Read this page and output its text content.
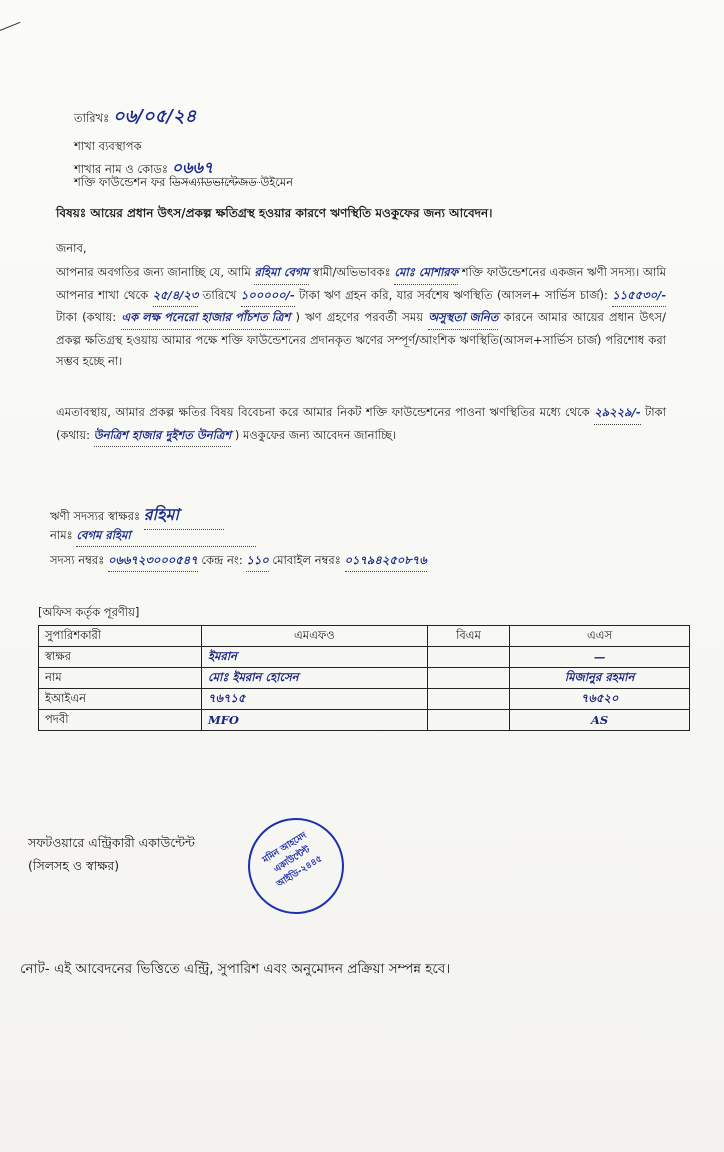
তারিখঃ ০৬/০৫/২৪
শাখা ব্যবস্থাপক
শাখার নাম ও কোডঃ ০৬৬৭
শক্তি ফাউন্ডেশন ফর ডিসএ্যাডভান্টেজড উইমেন
বিষয়ঃ আয়ের প্রধান উৎস/প্রকল্প ক্ষতিগ্রস্থ হওয়ার কারণে ঋণস্থিতি মওকুফের জন্য আবেদন।
জনাব,
আপনার অবগতির জন্য জানাচ্ছি যে, আমি রহিমা বেগম স্বামী/অভিভাবকঃ মোঃ মোশারফ শক্তি ফাউন্ডেশনের একজন ঋণী সদস্য। আমি আপনার শাখা থেকে ২৫/৪/২৩ তারিখে ১০০০০০/- টাকা ঋণ গ্রহন করি, যার সর্বশেষ ঋণস্থিতি (আসল+ সার্ভিস চার্জ): ১১৫৫৩০/- টাকা (কথায়: এক লক্ষ পনেরো হাজার পাঁচশত ত্রিশ ) ঋণ গ্রহণের পরবর্তী সময় অসুস্থতা জনিত কারনে আমার আয়ের প্রধান উৎস/প্রকল্প ক্ষতিগ্রস্থ হওয়ায় আমার পক্ষে শক্তি ফাউন্ডেশনের প্রদানকৃত ঋণের সম্পূর্ণ/আংশিক ঋণস্থিতি(আসল+সার্ভিস চার্জ) পরিশোধ করা সম্ভব হচ্ছে না।
এমতাবস্থায়, আমার প্রকল্প ক্ষতির বিষয় বিবেচনা করে আমার নিকট শক্তি ফাউন্ডেশনের পাওনা ঋণস্থিতির মধ্যে থেকে ২৯২২৯/- টাকা (কথায়: উনত্রিশ হাজার দুইশত উনত্রিশ ) মওকুফের জন্য আবেদন জানাচ্ছি।
ঋণী সদস্যর স্বাক্ষরঃ রহিমা
নামঃ বেগম রহিমা
সদস্য নম্বরঃ ০৬৬৭২৩০০০৫৪৭ কেন্দ্র নং: ১১০ মোবাইল নম্বরঃ ০১৭৯৪২৫০৮৭৬
[অফিস কর্তৃক পূরণীয়]
সুপারিশকারী	এমএফও	বিএম	এএস
স্বাক্ষর	ইমরান		—
নাম	মোঃ ইমরান হোসেন		মিজানুর রহমান
ইআইএন	৭৬৭১৫		৭৬৫২০
পদবী	MFO		AS
সফটওয়ারে এন্ট্রিকারী একাউন্টেন্ট
(সিলসহ ও স্বাক্ষর)	মমিন আহমেদ একাউন্টেন্ট আইডি-২৪৪৫
নোট- এই আবেদনের ভিত্তিতে এন্ট্রি, সুপারিশ এবং অনুমোদন প্রক্রিয়া সম্পন্ন হবে।
